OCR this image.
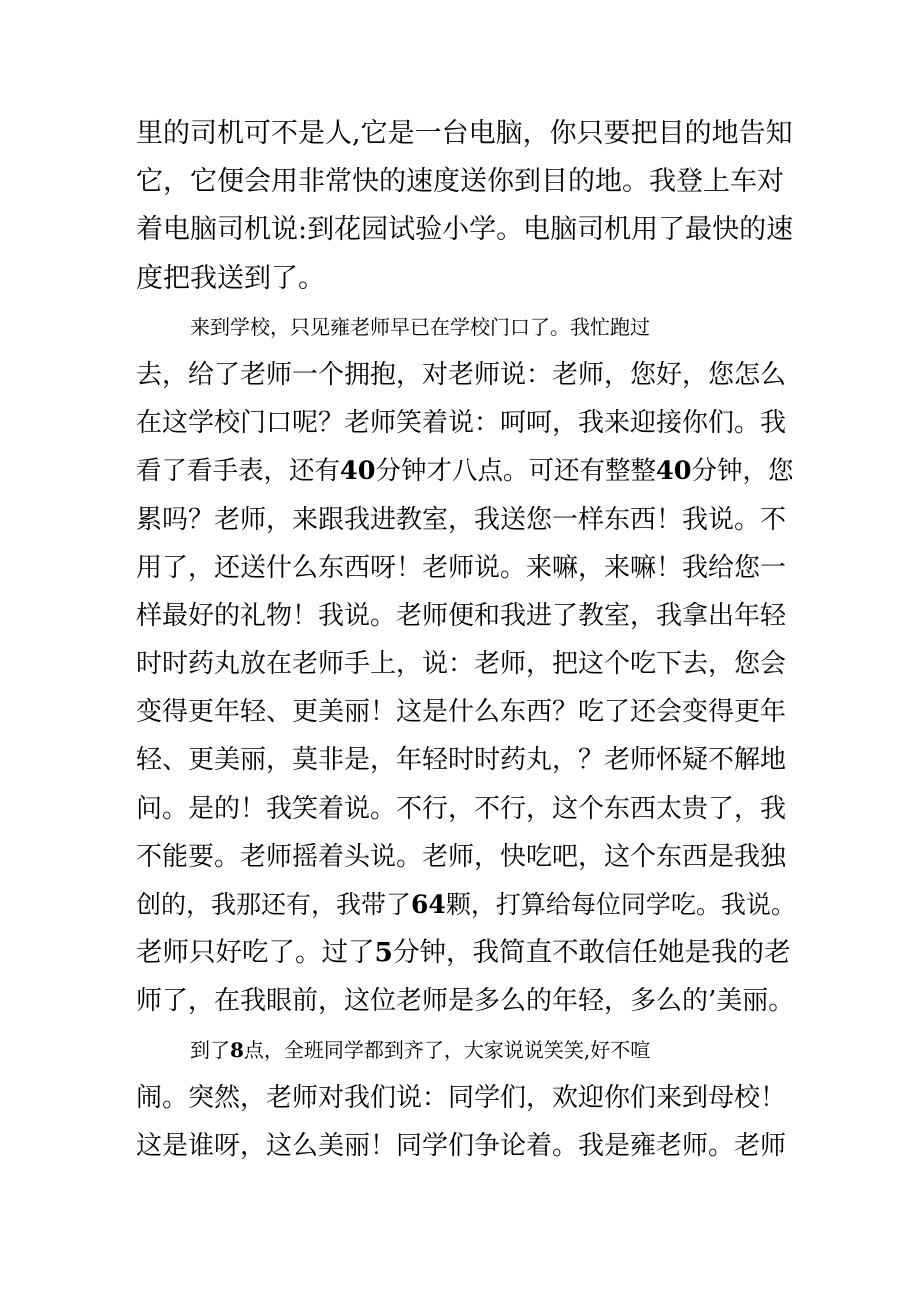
里的司机可不是人,它是一台电脑，你只要把目的地告知
它，它便会用非常快的速度送你到目的地。我登上车对
着电脑司机说:到花园试验小学。电脑司机用了最快的速
度把我送到了。
来到学校，只见雍老师早已在学校门口了。我忙跑过
去，给了老师一个拥抱，对老师说：老师，您好，您怎么
在这学校门口呢？老师笑着说：呵呵，我来迎接你们。我
看了看手表，还有40分钟才八点。可还有整整40分钟，您
累吗？老师，来跟我进教室，我送您一样东西！我说。不
用了，还送什么东西呀！老师说。来嘛，来嘛！我给您一
样最好的礼物！我说。老师便和我进了教室，我拿出年轻
时时药丸放在老师手上，说：老师，把这个吃下去，您会
变得更年轻、更美丽！这是什么东西？吃了还会变得更年
轻、更美丽，莫非是，年轻时时药丸，？老师怀疑不解地
问。是的！我笑着说。不行，不行，这个东西太贵了，我
不能要。老师摇着头说。老师，快吃吧，这个东西是我独
创的，我那还有，我带了64颗，打算给每位同学吃。我说。
老师只好吃了。过了5分钟，我简直不敢信任她是我的老
师了，在我眼前，这位老师是多么的年轻，多么的’美丽。
到了8点，全班同学都到齐了，大家说说笑笑,好不喧
闹。突然，老师对我们说：同学们，欢迎你们来到母校！
这是谁呀，这么美丽！同学们争论着。我是雍老师。老师
